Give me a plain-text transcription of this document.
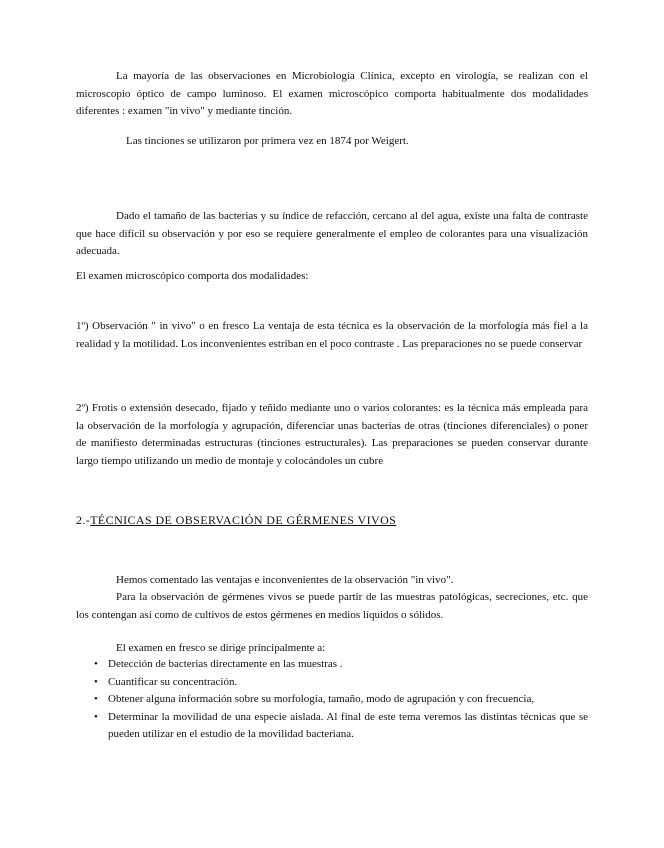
La mayoría de las observaciones en Microbiología Clínica, excepto en virología, se realizan con el microscopio óptico de campo luminoso. El examen microscópico comporta habitualmente dos modalidades diferentes : examen "in vivo" y mediante tinción.

Las tinciones se utilizaron por primera vez en 1874 por Weigert.

Dado el tamaño de las bacterias y su índice de refacción, cercano al del agua, existe una falta de contraste que hace difícil su observación y por eso se requiere generalmente el empleo de colorantes para una visualización adecuada.

El examen microscópico comporta dos modalidades:

1º) Observación " in vivo" o en fresco La ventaja de esta técnica es la observación de la morfología más fiel a la realidad y la motilidad. Los inconvenientes estriban en el poco contraste . Las preparaciones no se puede conservar

2º) Frotis o extensión desecado, fijado y teñido mediante uno o varios colorantes: es la técnica más empleada para la observación de la morfología y agrupación, diferenciar unas bacterias de otras (tinciones diferenciales) o poner de manifiesto determinadas estructuras (tinciones estructurales). Las preparaciones se pueden conservar durante largo tiempo utilizando un medio de montaje y colocándoles un cubre

2.-TÉCNICAS DE OBSERVACIÓN DE GÉRMENES VIVOS

Hemos comentado las ventajas e inconvenientes de la observación "in vivo".

Para la observación de gérmenes vivos se puede partir de las muestras patológicas, secreciones, etc. que los contengan así como de cultivos de estos gérmenes en medios líquidos o sólidos.

El examen en fresco se dirige principalmente a:

• Detección de bacterias directamente en las muestras .
• Cuantificar su concentración.
• Obtener alguna información sobre su morfología, tamaño, modo de agrupación y con frecuencia,
• Determinar la movilidad de una especie aislada. Al final de este tema veremos las distintas técnicas que se pueden utilizar en el estudio de la movilidad bacteriana.
